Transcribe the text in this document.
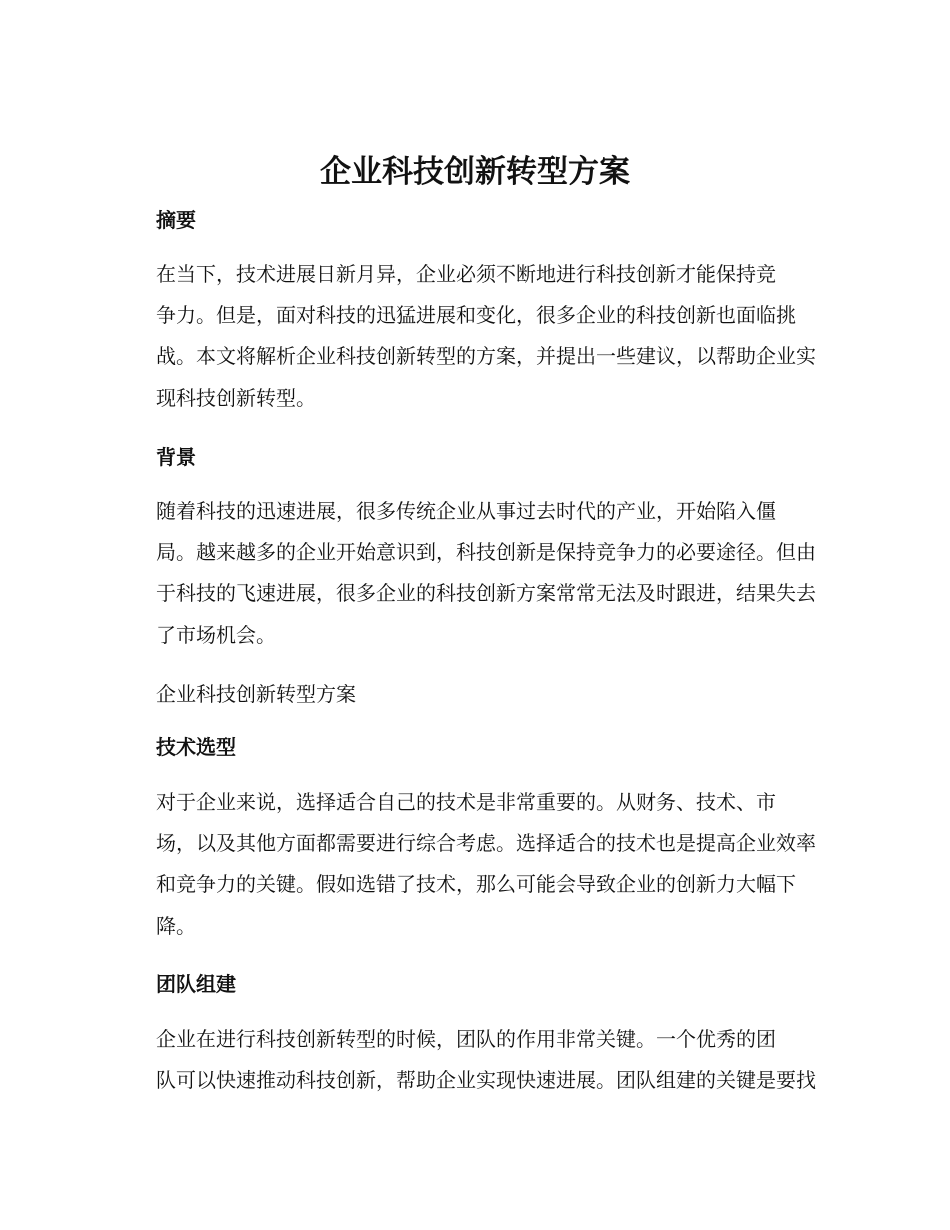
企业科技创新转型方案
摘要

在当下，技术进展日新月异，企业必须不断地进行科技创新才能保持竞
争力。但是，面对科技的迅猛进展和变化，很多企业的科技创新也面临挑
战。本文将解析企业科技创新转型的方案，并提出一些建议，以帮助企业实
现科技创新转型。

背景

随着科技的迅速进展，很多传统企业从事过去时代的产业，开始陷入僵
局。越来越多的企业开始意识到，科技创新是保持竞争力的必要途径。但由
于科技的飞速进展，很多企业的科技创新方案常常无法及时跟进，结果失去
了市场机会。

企业科技创新转型方案
技术选型

对于企业来说，选择适合自己的技术是非常重要的。从财务、技术、市
场，以及其他方面都需要进行综合考虑。选择适合的技术也是提高企业效率
和竞争力的关键。假如选错了技术，那么可能会导致企业的创新力大幅下
降。

团队组建

企业在进行科技创新转型的时候，团队的作用非常关键。一个优秀的团
队可以快速推动科技创新，帮助企业实现快速进展。团队组建的关键是要找
